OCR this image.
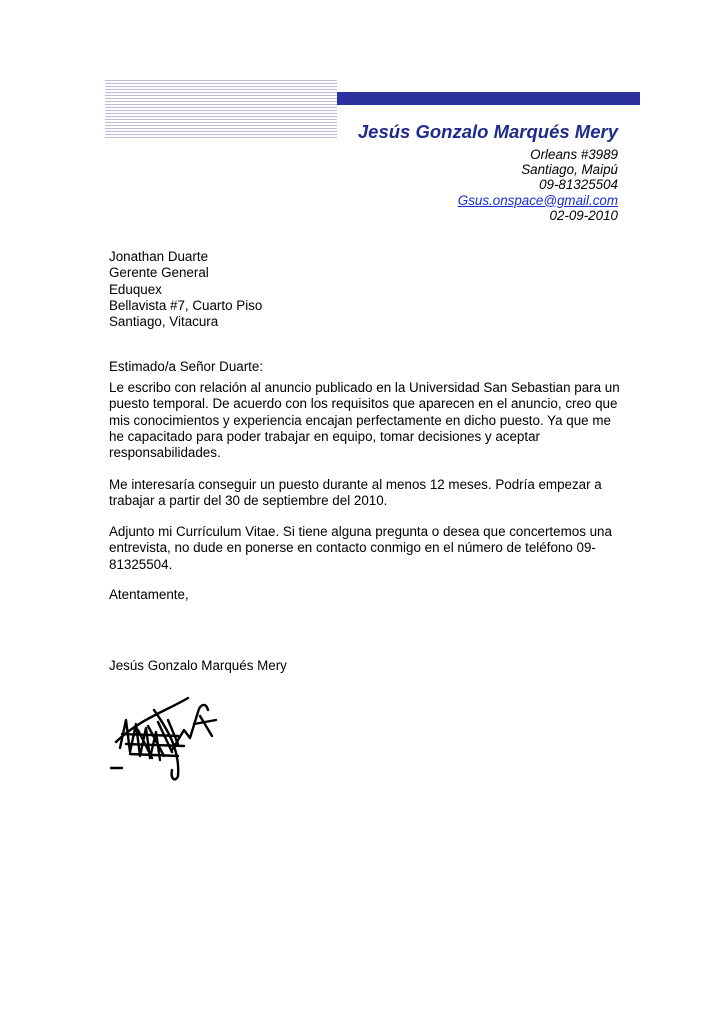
Jesús Gonzalo Marqués Mery
Orleans #3989
Santiago, Maipú
09-81325504
Gsus.onspace@gmail.com
02-09-2010
Jonathan Duarte
Gerente General
Eduquex
Bellavista #7, Cuarto Piso
Santiago, Vitacura
Estimado/a Señor Duarte:
Le escribo con relación al anuncio publicado en la Universidad San Sebastian para un puesto temporal. De acuerdo con los requisitos que aparecen en el anuncio, creo que mis conocimientos y experiencia encajan perfectamente en dicho puesto. Ya que me he capacitado para poder trabajar en equipo, tomar decisiones y aceptar responsabilidades.
Me interesaría conseguir un puesto durante al menos 12 meses. Podría empezar a trabajar a partir del 30 de septiembre del 2010.
Adjunto mi Currículum Vitae. Si tiene alguna pregunta o desea que concertemos una entrevista, no dude en ponerse en contacto conmigo en el número de teléfono 09-81325504.
Atentamente,
Jesús Gonzalo Marqués Mery
